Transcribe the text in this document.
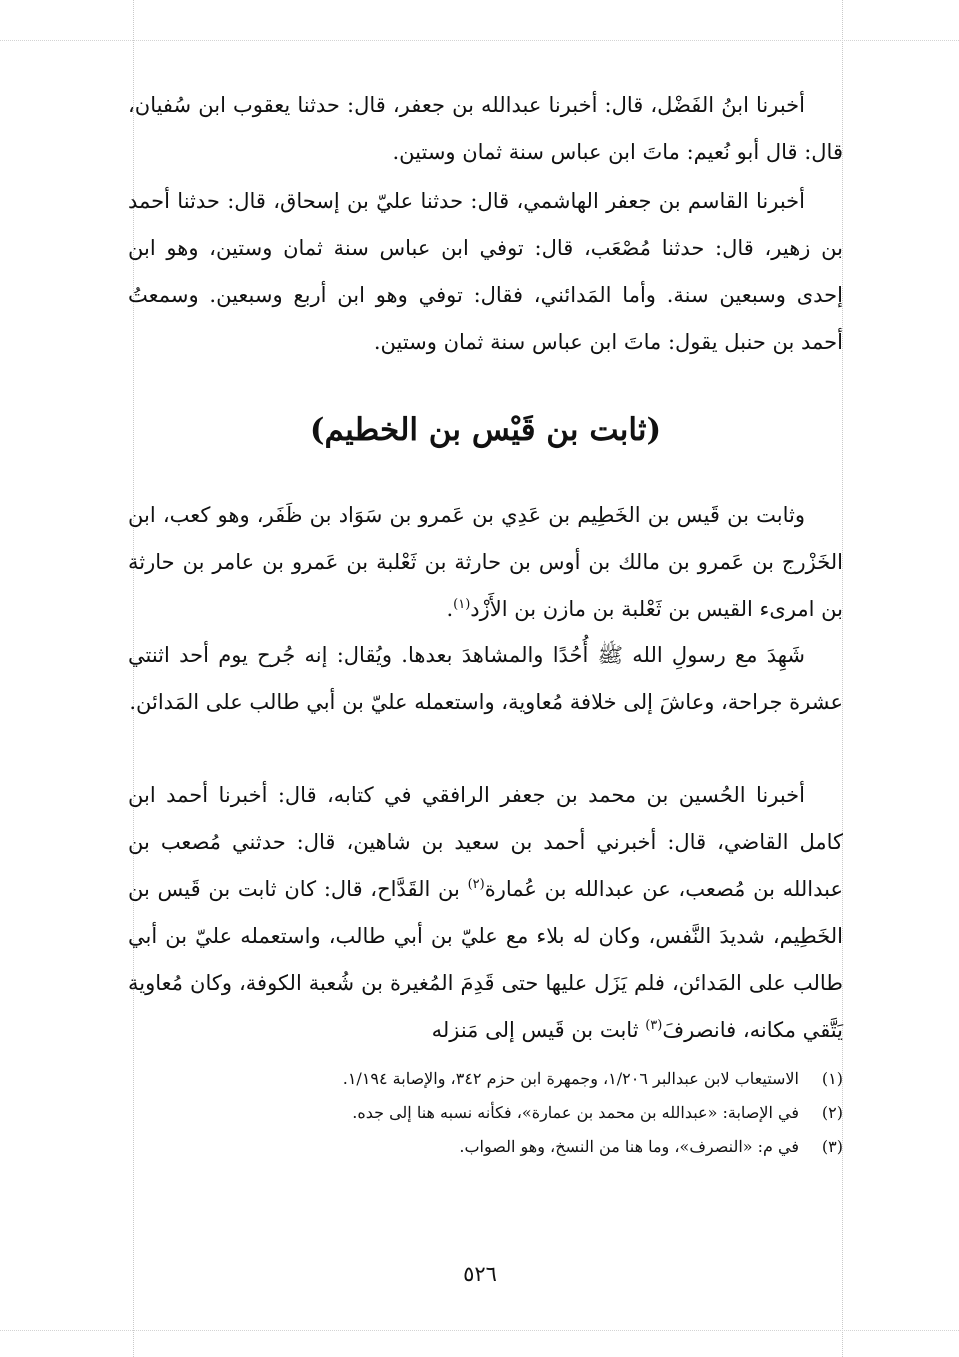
أخبرنا ابنُ الفَضْل، قال: أخبرنا عبدالله بن جعفر، قال: حدثنا يعقوب ابن سُفيان، قال: قال أبو نُعيم: ماتَ ابن عباس سنة ثمان وستين.

أخبرنا القاسم بن جعفر الهاشمي، قال: حدثنا عليّ بن إسحاق، قال: حدثنا أحمد بن زهير، قال: حدثنا مُصْعَب، قال: توفي ابن عباس سنة ثمان وستين، وهو ابن إحدى وسبعين سنة. وأما المَدائني، فقال: توفي وهو ابن أربع وسبعين. وسمعتُ أحمد بن حنبل يقول: ماتَ ابن عباس سنة ثمان وستين.

(ثابت بن قَيْس بن الخطيم)

وثابت بن قَيس بن الخَطِيم بن عَدِي بن عَمرو بن سَوَاد بن ظَفَر، وهو كعب، ابن الخَزْرج بن عَمرو بن مالك بن أوس بن حارثة بن ثَعْلبة بن عَمرو بن عامر بن حارثة بن امرىء القيس بن ثَعْلبة بن مازن بن الأَزْد$^{(١)}$.

شَهِدَ مع رسولِ الله ﷺ أُحُدًا والمشاهدَ بعدها. ويُقال: إنه جُرح يوم أحد اثنتي عشرة جراحة، وعاشَ إلى خلافة مُعاوية، واستعمله عليّ بن أبي طالب على المَدائن.

أخبرنا الحُسين بن محمد بن جعفر الرافقي في كتابه، قال: أخبرنا أحمد ابن كامل القاضي، قال: أخبرني أحمد بن سعيد بن شاهين، قال: حدثني مُصعب بن عبدالله بن مُصعب، عن عبدالله بن عُمارة$^{(٢)}$ بن القَدَّاح، قال: كان ثابت بن قَيس بن الخَطِيم، شديدَ النَّفس، وكان له بلاء مع عليّ بن أبي طالب، واستعمله عليّ بن أبي طالب على المَدائن، فلم يَزَل عليها حتى قَدِمَ المُغيرة بن شُعبة الكوفة، وكان مُعاوية يَتَّقي مكانه، فانصرفَ$^{(٣)}$ ثابت بن قَيس إلى مَنزله

(١)
الاستيعاب لابن عبدالبر ١/٢٠٦، وجمهرة ابن حزم ٣٤٢، والإصابة ١/١٩٤.
(٢)
في الإصابة: «عبدالله بن محمد بن عمارة»، فكأنه نسبه هنا إلى جده.
(٣)
في م: «النصرف»، وما هنا من النسخ، وهو الصواب.
٥٢٦
